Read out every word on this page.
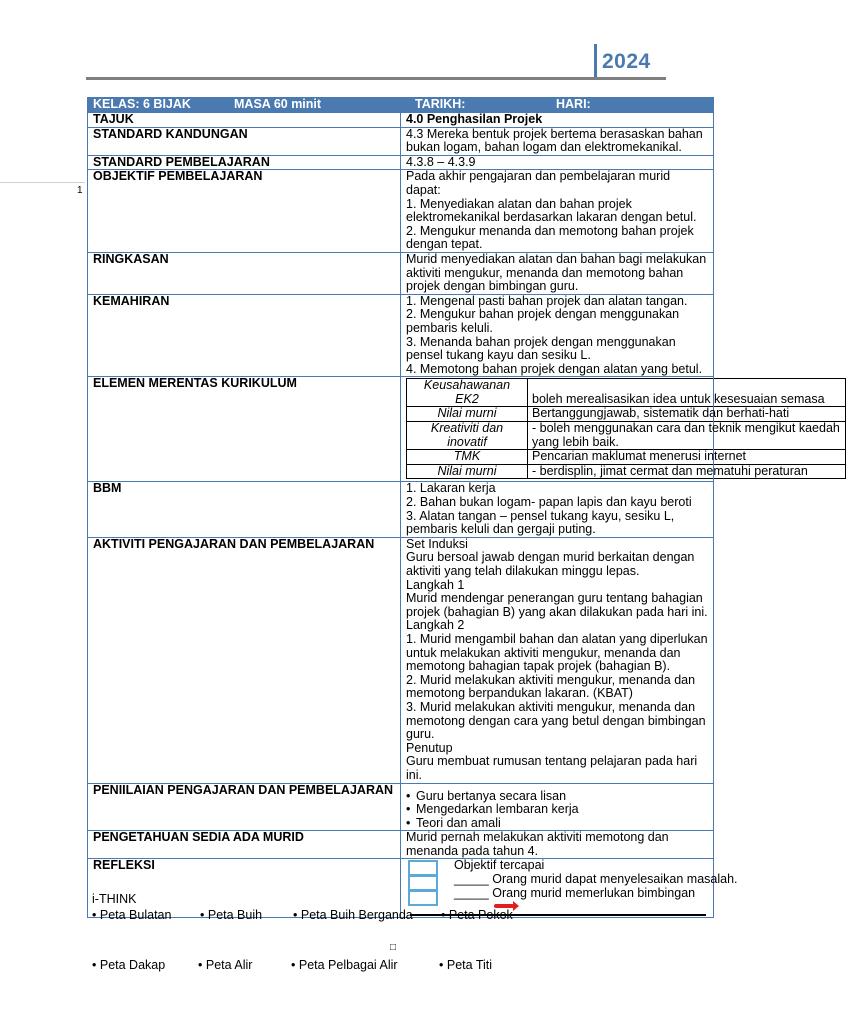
2024
1
KELAS: 6 BIJAK	MASA 60 minit	TARIKH:	HARI:

TAJUK	4.0 Penghasilan Projek
STANDARD KANDUNGAN	4.3 Mereka bentuk projek bertema berasaskan bahan bukan logam, bahan logam dan elektromekanikal.
STANDARD PEMBELAJARAN	4.3.8 – 4.3.9
OBJEKTIF PEMBELAJARAN	Pada akhir pengajaran dan pembelajaran murid dapat:
1. Menyediakan alatan dan bahan projek elektromekanikal berdasarkan lakaran dengan betul.
2. Mengukur menanda dan memotong bahan projek dengan tepat.

RINGKASAN	Murid menyediakan alatan dan bahan bagi melakukan aktiviti mengukur, menanda dan memotong bahan projek dengan bimbingan guru.
KEMAHIRAN	1. Mengenal pasti bahan projek dan alatan tangan.
2. Mengukur bahan projek dengan menggunakan pembaris keluli.
3. Menanda bahan projek dengan menggunakan pensel tukang kayu dan sesiku L.
4. Memotong bahan projek dengan alatan yang betul.

ELEMEN MERENTAS KURIKULUM		Keusahawanan EK2	boleh merealisasikan idea untuk kesesuaian semasa
Nilai murni	Bertanggungjawab, sistematik dan berhati-hati
Kreativiti dan inovatif	- boleh menggunakan cara dan teknik mengikut kaedah yang lebih baik.
TMK	Pencarian maklumat menerusi internet
Nilai murni	- berdisplin, jimat cermat dan mematuhi peraturan

BBM	1. Lakaran kerja
2. Bahan bukan logam- papan lapis dan kayu beroti
3. Alatan tangan – pensel tukang kayu, sesiku L, pembaris keluli dan gergaji puting.

AKTIVITI PENGAJARAN DAN PEMBELAJARAN	Set Induksi
Guru bersoal jawab dengan murid berkaitan dengan aktiviti yang telah dilakukan minggu lepas.
Langkah 1
Murid mendengar penerangan guru tentang bahagian projek (bahagian B) yang akan dilakukan pada hari ini.
Langkah 2
1. Murid mengambil bahan dan alatan yang diperlukan untuk melakukan aktiviti mengukur, menanda dan memotong bahagian tapak projek (bahagian B).
2. Murid melakukan aktiviti mengukur, menanda dan memotong berpandukan lakaran. (KBAT)
3. Murid melakukan aktiviti mengukur, menanda dan memotong dengan cara yang betul dengan bimbingan guru.
Penutup
Guru membuat rumusan tentang pelajaran pada hari ini.

PENIILAIAN PENGAJARAN DAN PEMBELAJARAN	
•Guru bertanya secara lisan
• Mengedarkan lembaran kerja
• Teori dan amali

PENGETAHUAN SEDIA ADA MURID	Murid pernah melakukan aktiviti memotong dan menanda pada tahun 4.
REFLEKSI	Objektif tercapai
_____ Orang murid dapat menyelesaikan masalah.
_____ Orang murid memerlukan bimbingan
i-THINK
• Peta Bulatan	• Peta Buih	• Peta Buih Berganda	• Peta Pokok
□
• Peta Dakap	• Peta Alir	• Peta Pelbagai Alir	• Peta Titi
